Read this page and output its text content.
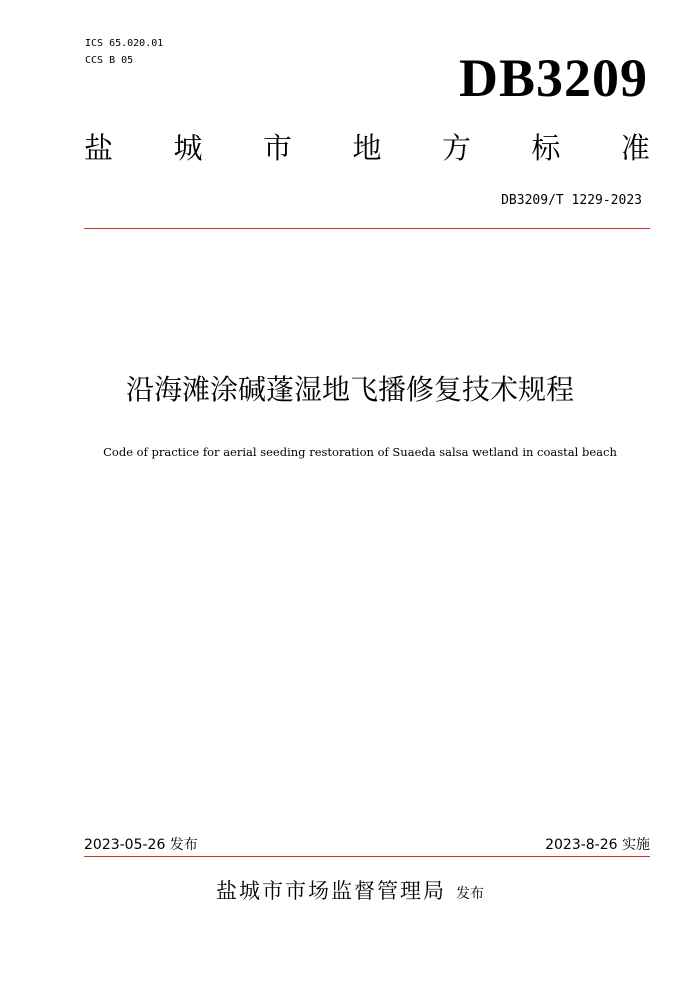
ICS 65.020.01
CCS B 05	DB3209
盐 城 市 地 方 标 准
DB3209/T 1229-2023
沿海滩涂碱蓬湿地飞播修复技术规程
Code of practice for aerial seeding restoration of Suaeda salsa wetland in coastal beach
2023-05-26 发布	2023-8-26 实施
盐城市市场监督管理局 发布
